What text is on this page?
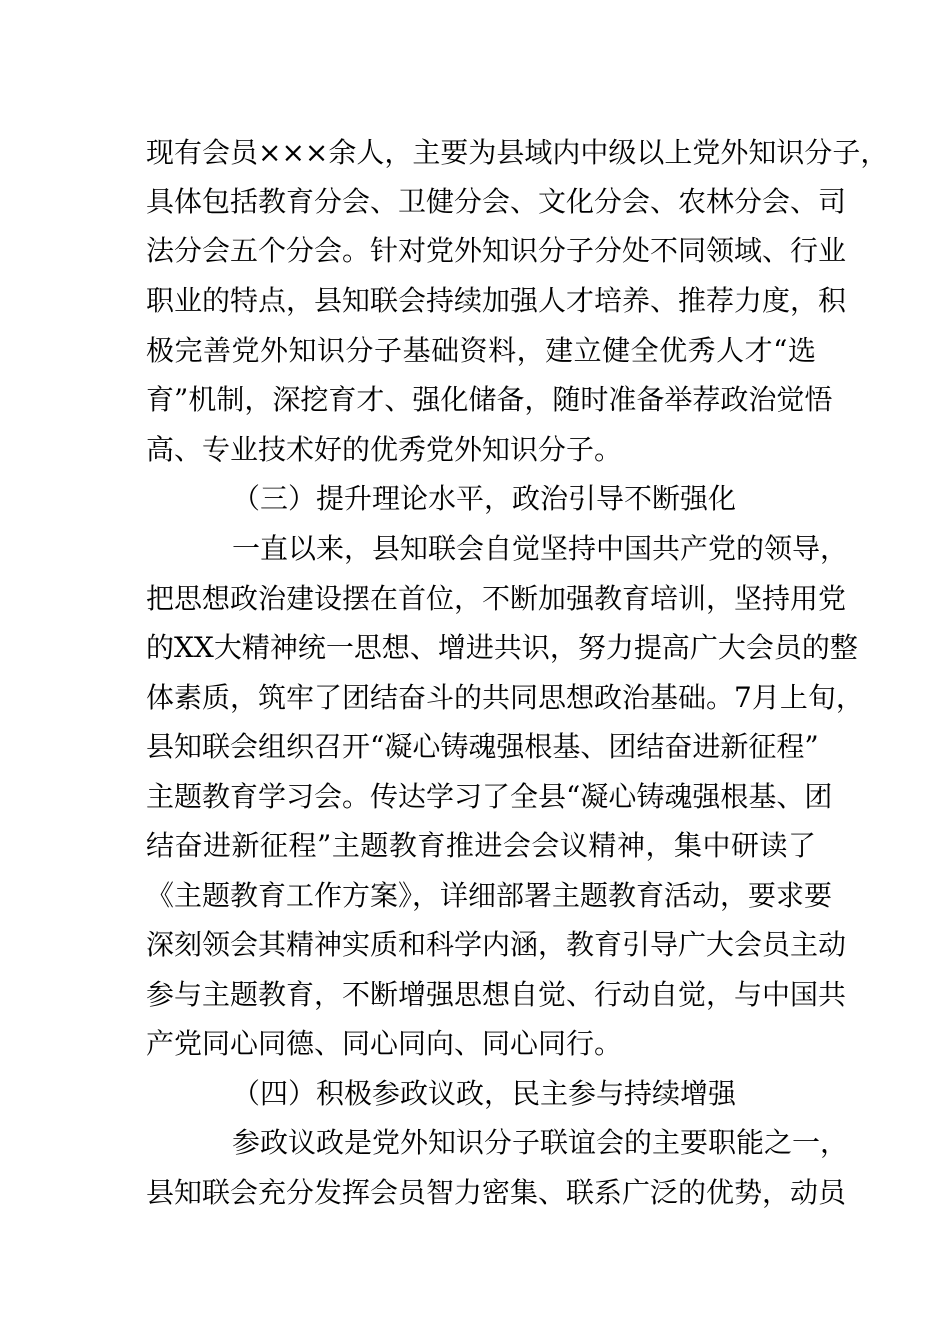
现有会员×××余人，主要为县域内中级以上党外知识分子，
具体包括教育分会、卫健分会、文化分会、农林分会、司
法分会五个分会。针对党外知识分子分处不同领域、行业
职业的特点，县知联会持续加强人才培养、推荐力度，积
极完善党外知识分子基础资料，建立健全优秀人才“选
育”机制，深挖育才、强化储备，随时准备举荐政治觉悟
高、专业技术好的优秀党外知识分子。
（三）提升理论水平，政治引导不断强化
一直以来，县知联会自觉坚持中国共产党的领导，
把思想政治建设摆在首位，不断加强教育培训，坚持用党
的XX大精神统一思想、增进共识，努力提高广大会员的整
体素质，筑牢了团结奋斗的共同思想政治基础。7月上旬，
县知联会组织召开“凝心铸魂强根基、团结奋进新征程”
主题教育学习会。传达学习了全县“凝心铸魂强根基、团
结奋进新征程”主题教育推进会会议精神，集中研读了
《主题教育工作方案》，详细部署主题教育活动，要求要
深刻领会其精神实质和科学内涵，教育引导广大会员主动
参与主题教育，不断增强思想自觉、行动自觉，与中国共
产党同心同德、同心同向、同心同行。
（四）积极参政议政，民主参与持续增强
参政议政是党外知识分子联谊会的主要职能之一，
县知联会充分发挥会员智力密集、联系广泛的优势，动员
